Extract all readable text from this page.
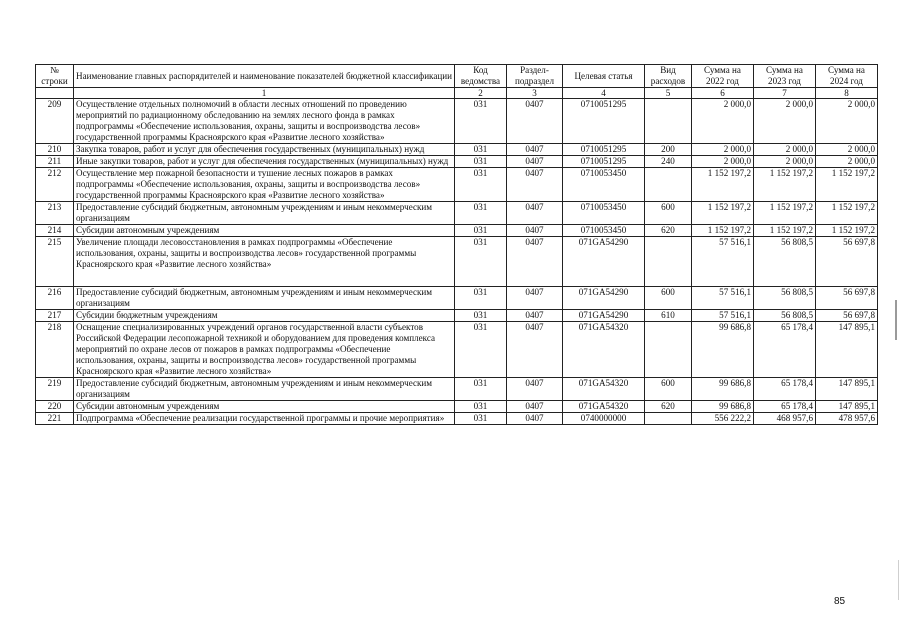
№ строки	Наименование главных распорядителей и наименование показателей бюджетной классификации	Код ведомства	Раздел-подраздел	Целевая статья	Вид расходов	Сумма на 2022 год	Сумма на 2023 год	Сумма на 2024 год
	1	2	3	4	5	6	7	8
209	Осуществление отдельных полномочий в области лесных отношений по проведению мероприятий по радиационному обследованию на землях лесного фонда в рамках подпрограммы «Обеспечение использования, охраны, защиты и воспроизводства лесов» государственной программы Красноярского края «Развитие лесного хозяйства»	031	0407	0710051295		2 000,0	2 000,0	2 000,0
210	Закупка товаров, работ и услуг для обеспечения государственных (муниципальных) нужд	031	0407	0710051295	200	2 000,0	2 000,0	2 000,0
211	Иные закупки товаров, работ и услуг для обеспечения государственных (муниципальных) нужд	031	0407	0710051295	240	2 000,0	2 000,0	2 000,0
212	Осуществление мер пожарной безопасности и тушение лесных пожаров в рамках подпрограммы «Обеспечение использования, охраны, защиты и воспроизводства лесов» государственной программы Красноярского края «Развитие лесного хозяйства»	031	0407	0710053450		1 152 197,2	1 152 197,2	1 152 197,2
213	Предоставление субсидий бюджетным, автономным учреждениям и иным некоммерческим организациям	031	0407	0710053450	600	1 152 197,2	1 152 197,2	1 152 197,2
214	Субсидии автономным учреждениям	031	0407	0710053450	620	1 152 197,2	1 152 197,2	1 152 197,2
215	Увеличение площади лесовосстановления в рамках подпрограммы «Обеспечение использования, охраны, защиты и воспроизводства лесов» государственной программы Красноярского края «Развитие лесного хозяйства»	031	0407	071GA54290		57 516,1	56 808,5	56 697,8
216	Предоставление субсидий бюджетным, автономным учреждениям и иным некоммерческим организациям	031	0407	071GA54290	600	57 516,1	56 808,5	56 697,8
217	Субсидии бюджетным учреждениям	031	0407	071GA54290	610	57 516,1	56 808,5	56 697,8
218	Оснащение специализированных учреждений органов государственной власти субъектов Российской Федерации лесопожарной техникой и оборудованием для проведения комплекса мероприятий по охране лесов от пожаров в рамках подпрограммы «Обеспечение использования, охраны, защиты и воспроизводства лесов» государственной программы Красноярского края «Развитие лесного хозяйства»	031	0407	071GA54320		99 686,8	65 178,4	147 895,1
219	Предоставление субсидий бюджетным, автономным учреждениям и иным некоммерческим организациям	031	0407	071GA54320	600	99 686,8	65 178,4	147 895,1
220	Субсидии автономным учреждениям	031	0407	071GA54320	620	99 686,8	65 178,4	147 895,1
221	Подпрограмма «Обеспечение реализации государственной программы и прочие мероприятия»	031	0407	0740000000		556 222,2	468 957,6	478 957,6
85
